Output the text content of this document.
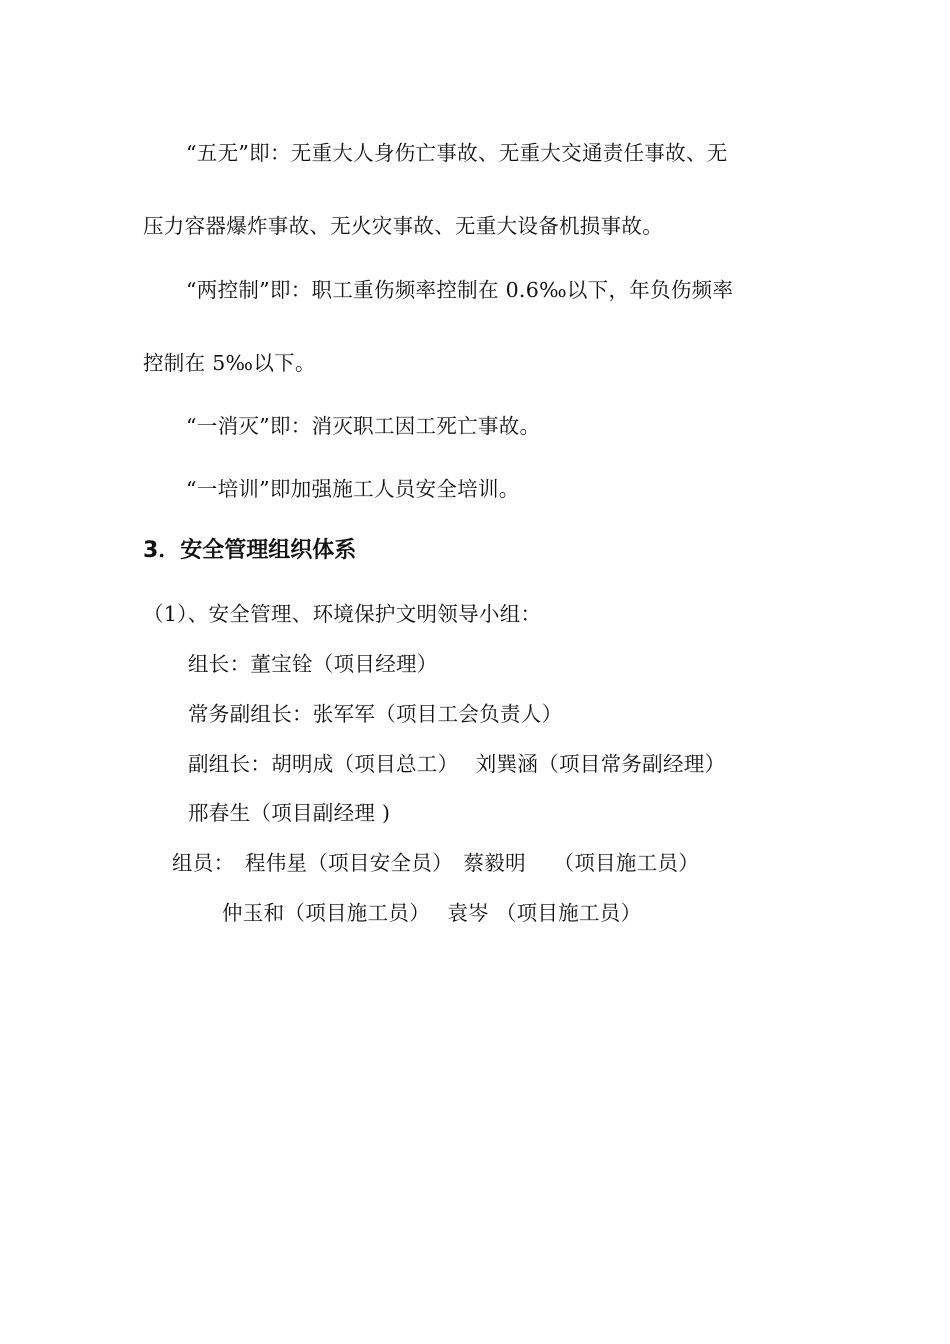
“五无”即：无重大人身伤亡事故、无重大交通责任事故、无
压力容器爆炸事故、无火灾事故、无重大设备机损事故。
“两控制”即：职工重伤频率控制在 0.6‰以下，年负伤频率
控制在 5‰以下。
“一消灭”即：消灭职工因工死亡事故。
“一培训”即加强施工人员安全培训。
3．安全管理组织体系
（1）、安全管理、环境保护文明领导小组：
组长：董宝铨（项目经理）
常务副组长：张军军（项目工会负责人）
副组长：胡明成（项目总工）　 刘巽涵（项目常务副经理）
邢春生（项目副经理 )
组员：　程伟星（项目安全员）　蔡毅明　 （项目施工员）
仲玉和（项目施工员）　 袁岑 （项目施工员）
